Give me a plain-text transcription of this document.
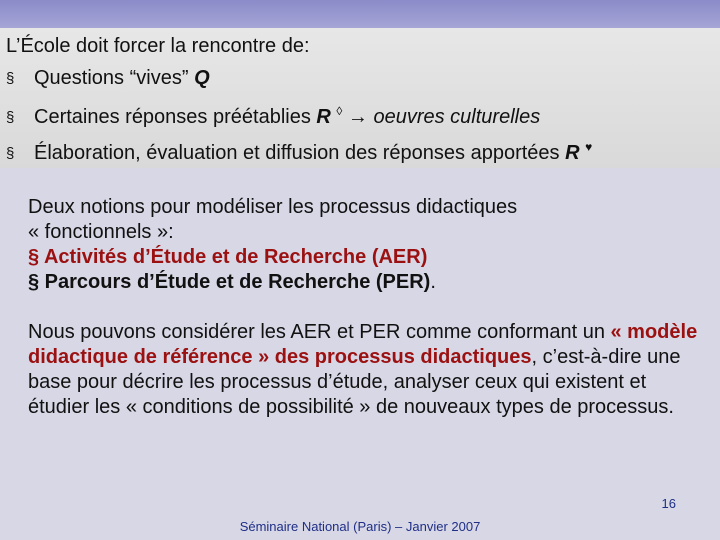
L’École doit forcer la rencontre de:
§ Questions “vives” Q
§ Certaines réponses préétablies R ◊ → oeuvres culturelles
§ Élaboration, évaluation et diffusion des réponses apportées R ♥

Deux notions pour modéliser les processus didactiques

« fonctionnels »:

§ Activités d’Étude et de Recherche (AER)

§ Parcours d’Étude et de Recherche (PER).

Nous pouvons considérer les AER et PER comme conformant un « modèle didactique de référence » des processus didactiques, c’est-à-dire une base pour décrire les processus d’étude, analyser ceux qui existent et étudier les « conditions de possibilité » de nouveaux types de processus.

16
Séminaire National (Paris) – Janvier 2007
